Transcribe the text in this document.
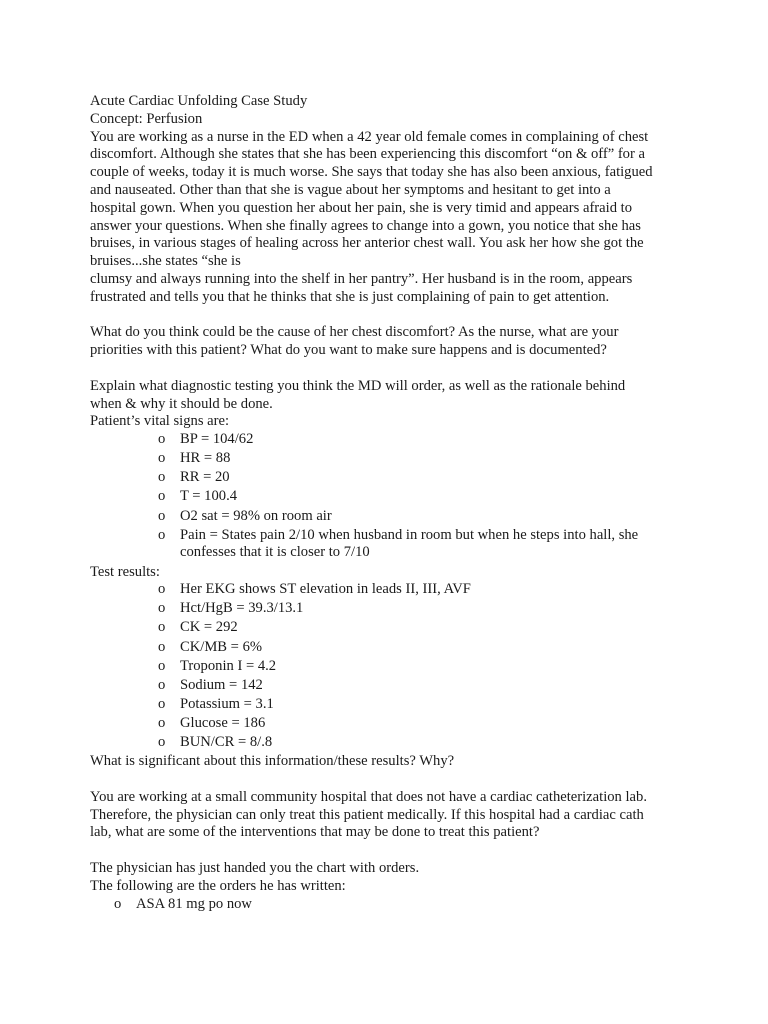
Acute Cardiac Unfolding Case Study

Concept: Perfusion

You are working as a nurse in the ED when a 42 year old female comes in complaining of chest

discomfort. Although she states that she has been experiencing this discomfort “on & off” for a

couple of weeks, today it is much worse. She says that today she has also been anxious, fatigued

and nauseated. Other than that she is vague about her symptoms and hesitant to get into a

hospital gown. When you question her about her pain, she is very timid and appears afraid to

answer your questions. When she finally agrees to change into a gown, you notice that she has

bruises, in various stages of healing across her anterior chest wall. You ask her how she got the

bruises...she states “she is

clumsy and always running into the shelf in her pantry”. Her husband is in the room, appears

frustrated and tells you that he thinks that she is just complaining of pain to get attention.

What do you think could be the cause of her chest discomfort? As the nurse, what are your

priorities with this patient? What do you want to make sure happens and is documented?

Explain what diagnostic testing you think the MD will order, as well as the rationale behind

when & why it should be done.

Patient’s vital signs are:

o BP = 104/62
o HR = 88
o RR = 20
o T = 100.4
o O2 sat = 98% on room air
o Pain = States pain 2/10 when husband in room but when he steps into hall, she confesses that it is closer to 7/10

Test results:

o Her EKG shows ST elevation in leads II, III, AVF
o Hct/HgB = 39.3/13.1
o CK = 292
o CK/MB = 6%
o Troponin I = 4.2
o Sodium = 142
o Potassium = 3.1
o Glucose = 186
o BUN/CR = 8/.8

What is significant about this information/these results? Why?

You are working at a small community hospital that does not have a cardiac catheterization lab.

Therefore, the physician can only treat this patient medically. If this hospital had a cardiac cath

lab, what are some of the interventions that may be done to treat this patient?

The physician has just handed you the chart with orders.

The following are the orders he has written:

o ASA 81 mg po now
